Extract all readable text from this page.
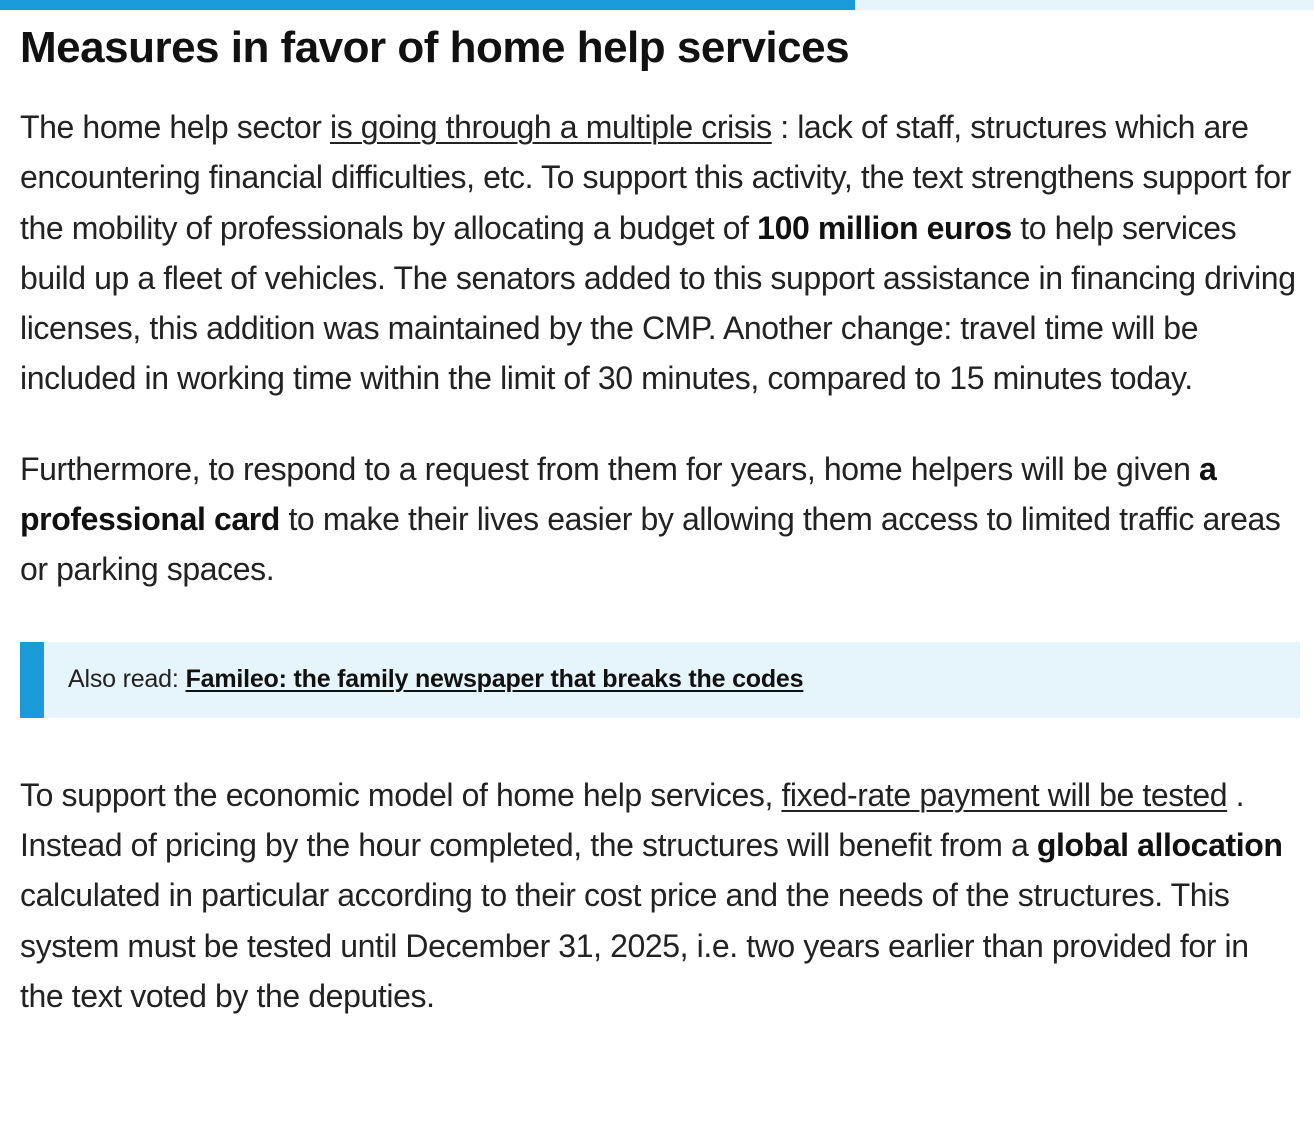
Measures in favor of home help services

The home help sector is going through a multiple crisis : lack of staff, structures which are encountering financial difficulties, etc. To support this activity, the text strengthens support for the mobility of professionals by allocating a budget of 100 million euros to help services build up a fleet of vehicles. The senators added to this support assistance in financing driving licenses, this addition was maintained by the CMP. Another change: travel time will be included in working time within the limit of 30 minutes, compared to 15 minutes today.

Furthermore, to respond to a request from them for years, home helpers will be given a professional card to make their lives easier by allowing them access to limited traffic areas or parking spaces.

Also read: Famileo: the family newspaper that breaks the codes

To support the economic model of home help services, fixed-rate payment will be tested . Instead of pricing by the hour completed, the structures will benefit from a global allocation calculated in particular according to their cost price and the needs of the structures. This system must be tested until December 31, 2025, i.e. two years earlier than provided for in the text voted by the deputies.
